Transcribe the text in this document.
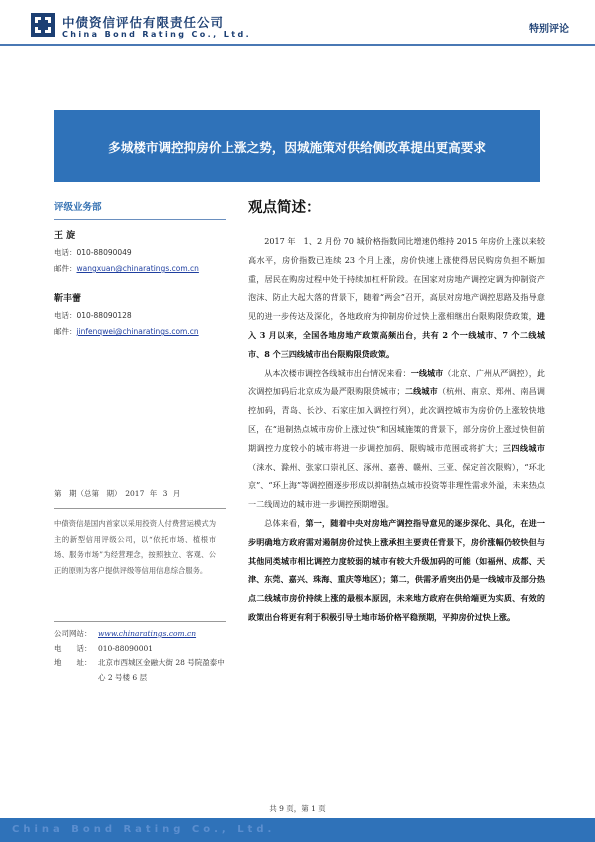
中债资信评估有限责任公司
China Bond Rating Co., Ltd.	特别评论
多城楼市调控抑房价上涨之势，因城施策对供给侧改革提出更高要求
评级业务部
王 旋
电话：010-88090049
邮件：wangxuan@chinaratings.com.cn
靳丰蕾
电话：010-88090128
邮件：jinfenqwei@chinaratings.com.cn
第　期（总第　期）　2017 年 3 月
中债资信是国内首家以采用投资人付费营运模式为主的新型信用评级公司，以“依托市场、植根市场、服务市场”为经营理念，按照独立、客观、公正的原则为客户提供评级等信用信息综合服务。
公司网站： www.chinaratings.com.cn
电　　话： 010-88090001
地　　址： 北京市西城区金融大街 28 号院盈泰中心 2 号楼 6 层
观点简述：

2017 年　1、2 月份 70 城价格指数同比增速仍维持 2015 年房价上涨以来较高水平，房价指数已连续 23 个月上涨，房价快速上涨使得居民购房负担不断加重，居民在购房过程中处于持续加杠杆阶段。在国家对房地产调控定调为抑制资产泡沫、防止大起大落的背景下，随着“两会”召开，高层对房地产调控思路及指导意见的进一步传达及深化，各地政府为抑制房价过快上涨相继出台限购限贷政策，进入 3 月以来，全国各地房地产政策高频出台，共有 2 个一线城市、7 个二线城市、8 个三四线城市出台限购限贷政策。

从本次楼市调控各线城市出台情况来看：一线城市（北京、广州从严调控），此次调控加码后北京成为最严限购限贷城市；二线城市（杭州、南京、郑州、南昌调控加码，青岛、长沙、石家庄加入调控行列），此次调控城市为房价仍上涨较快地区，在“退制热点城市房价上涨过快”和因城施策的背景下，部分房价上涨过快但前期调控力度较小的城市将进一步调控加码、限购城市范围或将扩大；三四线城市（涞水、滁州、张家口崇礼区、涿州、嘉善、赣州、三亚、保定首次限购），“环北京”、“环上海”等调控圈逐步形成以抑制热点城市投资等非理性需求外溢，未来热点一二线周边的城市进一步调控预期增强。

总体来看，第一，随着中央对房地产调控指导意见的逐步深化、具化，在进一步明确地方政府需对遏制房价过快上涨承担主要责任背景下，房价涨幅仍较快但与其他同类城市相比调控力度较弱的城市有较大升级加码的可能（如福州、成都、天津、东莞、嘉兴、珠海、重庆等地区）；第二，供需矛盾突出仍是一线城市及部分热点二线城市房价持续上涨的最根本原因，未来地方政府在供给端更为实质、有效的政策出台将更有利于积极引导土地市场价格平稳预期，平抑房价过快上涨。

共 9 页，第 1 页
China Bond Rating Co., Ltd.
